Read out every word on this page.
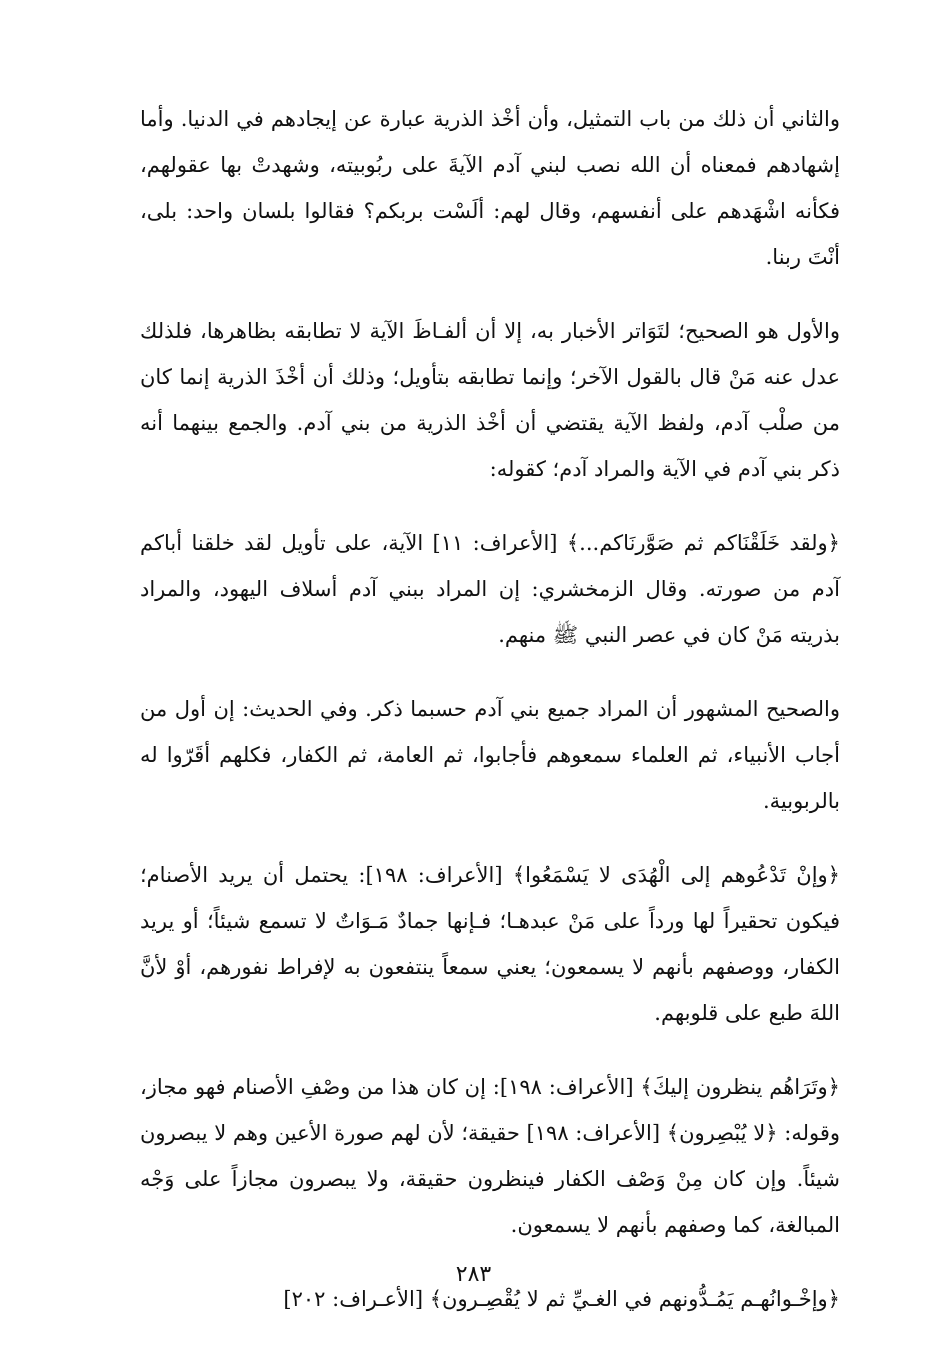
والثاني أن ذلك من باب التمثيل، وأن أخْذ الذرية عبارة عن إيجادهم في الدنيا. وأما إشهادهم فمعناه أن الله نصب لبني آدم الآيةَ على ربُوبيته، وشهدتْ بها عقولهم، فكأنه اشْهَدهم على أنفسهم، وقال لهم: ألَسْت بربكم؟ فقالوا بلسان واحد: بلى، أنْتَ ربنا.

والأول هو الصحيح؛ لتَوَاتر الأخبار به، إلا أن ألفـاظَ الآية لا تطابقه بظاهرها، فلذلك عدل عنه مَنْ قال بالقول الآخر؛ وإنما تطابقه بتأويل؛ وذلك أن أخْذَ الذرية إنما كان من صلْب آدم، ولفظ الآية يقتضي أن أخْذ الذرية من بني آدم. والجمع بينهما أنه ذكر بني آدم في الآية والمراد آدم؛ كقوله:

﴿ولقد خَلَقْنَاكم ثم صَوَّرنَاكم...﴾ [الأعراف: ١١] الآية، على تأويل لقد خلقنا أباكم آدم من صورته. وقال الزمخشري: إن المراد ببني آدم أسلاف اليهود، والمراد بذريته مَنْ كان في عصر النبي ﷺ منهم.

والصحيح المشهور أن المراد جميع بني آدم حسبما ذكر. وفي الحديث: إن أول من أجاب الأنبياء، ثم العلماء سمعوهم فأجابوا، ثم العامة، ثم الكفار، فكلهم أقَرّوا له بالربوبية.

﴿وإنْ تَدْعُوهم إلى الْهُدَى لا يَسْمَعُوا﴾ [الأعراف: ١٩٨]: يحتمل أن يريد الأصنام؛ فيكون تحقيراً لها ورداً على مَنْ عبدهـا؛ فـإنها جمادٌ مَـوَاتٌ لا تسمع شيئاً؛ أو يريد الكفار، ووصفهم بأنهم لا يسمعون؛ يعني سمعاً ينتفعون به لإفراط نفورهم، أوْ لأنَّ اللهَ طبع على قلوبهم.

﴿وتَرَاهُم ينظرون إليكَ﴾ [الأعراف: ١٩٨]: إن كان هذا من وصْفِ الأصنام فهو مجاز، وقوله: ﴿لا يُبْصِرون﴾ [الأعراف: ١٩٨] حقيقة؛ لأن لهم صورة الأعين وهم لا يبصرون شيئاً. وإن كان مِنْ وَصْف الكفار فينظرون حقيقة، ولا يبصرون مجازاً على وَجْه المبالغة، كما وصفهم بأنهم لا يسمعون.

﴿وإخْـوانُهـم يَمُـدُّونهم في الغـيِّ ثم لا يُقْصِـرون﴾ [الأعـراف: ٢٠٢]

٢٨٣
